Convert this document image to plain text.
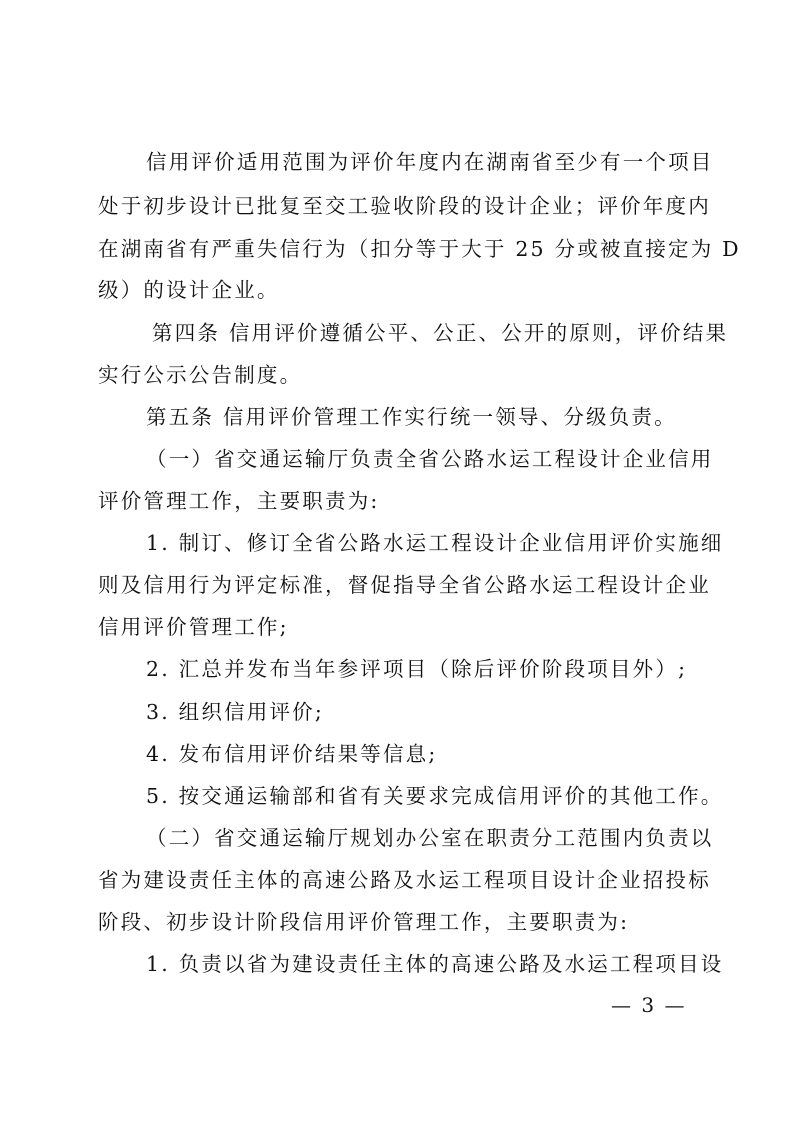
信用评价适用范围为评价年度内在湖南省至少有一个项目
处于初步设计已批复至交工验收阶段的设计企业；评价年度内
在湖南省有严重失信行为（扣分等于大于 25 分或被直接定为 D
级）的设计企业。
第四条 信用评价遵循公平、公正、公开的原则，评价结果
实行公示公告制度。
第五条 信用评价管理工作实行统一领导、分级负责。
（一）省交通运输厅负责全省公路水运工程设计企业信用
评价管理工作，主要职责为:
1. 制订、修订全省公路水运工程设计企业信用评价实施细
则及信用行为评定标准，督促指导全省公路水运工程设计企业
信用评价管理工作;
2. 汇总并发布当年参评项目（除后评价阶段项目外）;
3. 组织信用评价;
4. 发布信用评价结果等信息;
5. 按交通运输部和省有关要求完成信用评价的其他工作。
（二）省交通运输厅规划办公室在职责分工范围内负责以
省为建设责任主体的高速公路及水运工程项目设计企业招投标
阶段、初步设计阶段信用评价管理工作，主要职责为:
1. 负责以省为建设责任主体的高速公路及水运工程项目设
— 3 —
